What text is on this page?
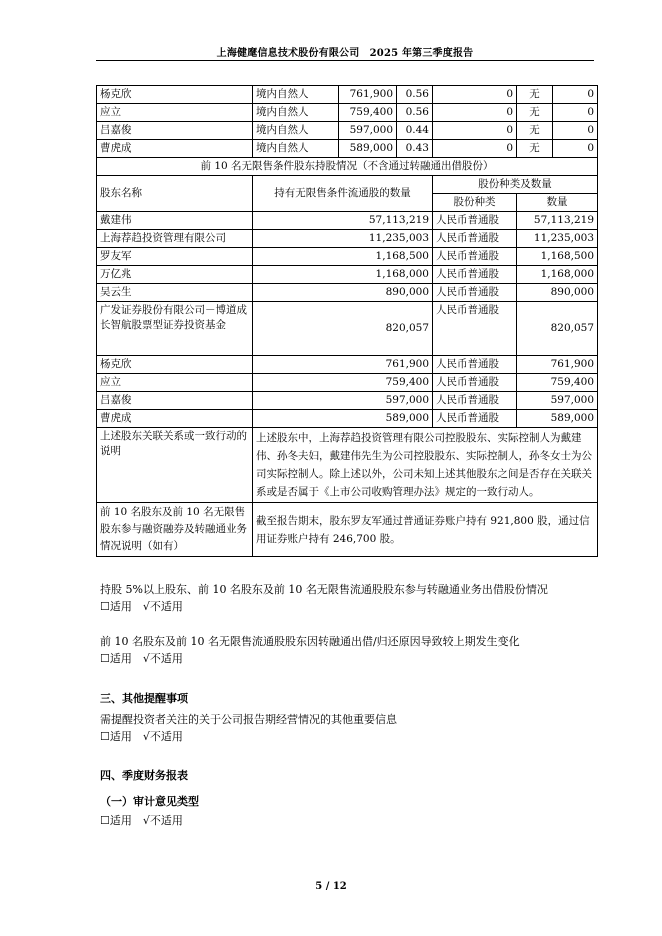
上海健麾信息技术股份有限公司　2025 年第三季度报告
杨克欣	境内自然人	761,900	0.56	0	无	0
应立	境内自然人	759,400	0.56	0	无	0
吕嘉俊	境内自然人	597,000	0.44	0	无	0
曹虎成	境内自然人	589,000	0.43	0	无	0
前 10 名无限售条件股东持股情况（不含通过转融通出借股份）			
股东名称	持有无限售条件流通股的数量	股份种类及数量	
		股份种类	数量
戴建伟	57,113,219	人民币普通股	57,113,219
上海荐趋投资管理有限公司	11,235,003	人民币普通股	11,235,003
罗友军	1,168,500	人民币普通股	1,168,500
万亿兆	1,168,000	人民币普通股	1,168,000
吴云生	890,000	人民币普通股	890,000
广发证券股份有限公司－博道成长智航股票型证券投资基金	820,057	人民币普通股	820,057
杨克欣	761,900	人民币普通股	761,900
应立	759,400	人民币普通股	759,400
吕嘉俊	597,000	人民币普通股	597,000
曹虎成	589,000	人民币普通股	589,000
上述股东关联关系或一致行动的说明	上述股东中，上海荐趋投资管理有限公司控股股东、实际控制人为戴建伟、孙冬夫妇，戴建伟先生为公司控股股东、实际控制人，孙冬女士为公司实际控制人。除上述以外，公司未知上述其他股东之间是否存在关联关系或是否属于《上市公司收购管理办法》规定的一致行动人。		
前 10 名股东及前 10 名无限售股东参与融资融券及转融通业务情况说明（如有）	截至报告期末，股东罗友军通过普通证券账户持有 921,800 股，通过信用证券账户持有 246,700 股。		
持股 5%以上股东、前 10 名股东及前 10 名无限售流通股股东参与转融通业务出借股份情况
☐适用　√不适用
前 10 名股东及前 10 名无限售流通股股东因转融通出借/归还原因导致较上期发生变化
☐适用　√不适用
三、其他提醒事项
需提醒投资者关注的关于公司报告期经营情况的其他重要信息
☐适用　√不适用
四、季度财务报表
（一）审计意见类型
☐适用　√不适用
5 / 12
